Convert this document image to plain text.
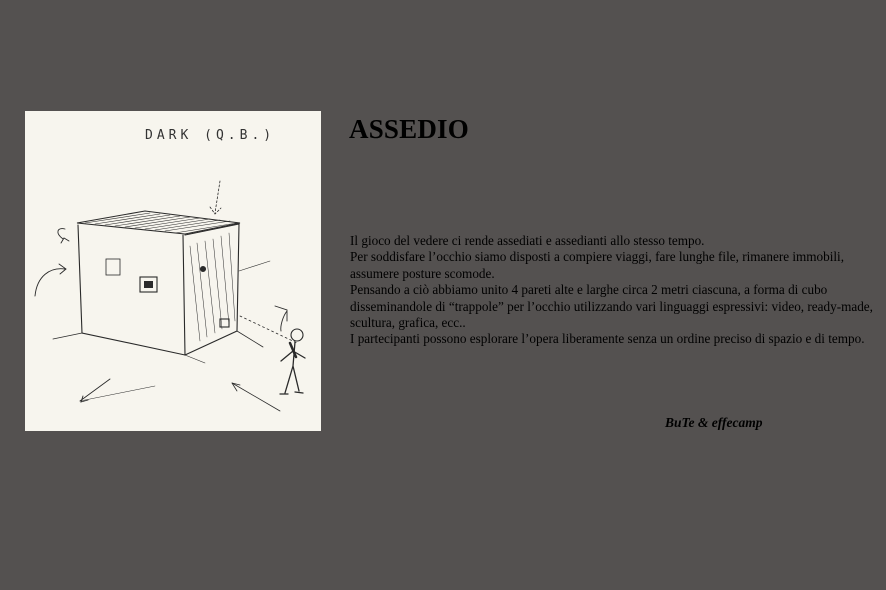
DARK (Q.B.)	ASSEDIO

Il gioco del vedere ci rende assediati e assedianti allo stesso tempo.

Per soddisfare l’occhio siamo disposti a compiere viaggi, fare lunghe file, rimanere immobili, assumere posture scomode.

Pensando a ciò abbiamo unito 4 pareti alte e larghe circa 2 metri ciascuna, a forma di cubo disseminandole di “trappole” per l’occhio utilizzando vari linguaggi espressivi: video, ready-made, scultura, grafica, ecc..

I partecipanti possono esplorare l’opera liberamente senza un ordine preciso di spazio e di tempo.

BuTe & effecamp
